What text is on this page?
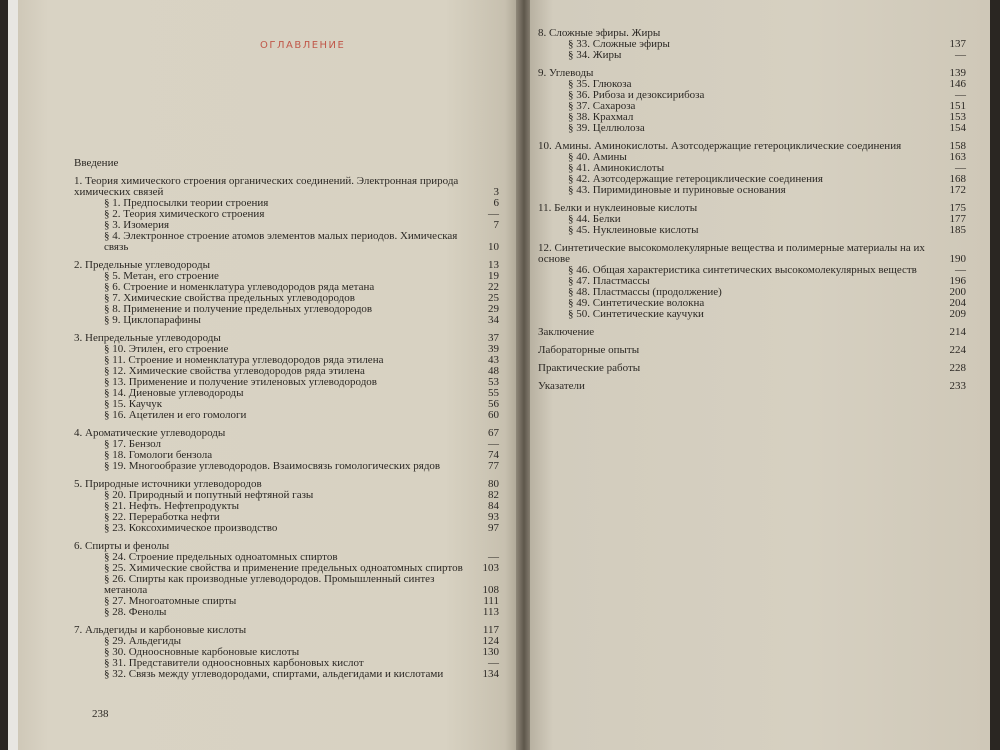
ОГЛАВЛЕНИЕ
Введение
1. Теория химического строения органических соединений. Электронная природа химических связей	3
§ 1. Предпосылки теории строения	6
§ 2. Теория химического строения	—
§ 3. Изомерия	7
§ 4. Электронное строение атомов элементов малых периодов. Химическая связь	10
2. Предельные углеводороды	13
§ 5. Метан, его строение	19
§ 6. Строение и номенклатура углеводородов ряда метана	22
§ 7. Химические свойства предельных углеводородов	25
§ 8. Применение и получение предельных углеводородов	29
§ 9. Циклопарафины	34
3. Непредельные углеводороды	37
§ 10. Этилен, его строение	39
§ 11. Строение и номенклатура углеводородов ряда этилена	43
§ 12. Химические свойства углеводородов ряда этилена	48
§ 13. Применение и получение этиленовых углеводородов	53
§ 14. Диеновые углеводороды	55
§ 15. Каучук	56
§ 16. Ацетилен и его гомологи	60
4. Ароматические углеводороды	67
§ 17. Бензол	—
§ 18. Гомологи бензола	74
§ 19. Многообразие углеводородов. Взаимосвязь гомологических рядов	77
5. Природные источники углеводородов	80
§ 20. Природный и попутный нефтяной газы	82
§ 21. Нефть. Нефтепродукты	84
§ 22. Переработка нефти	93
§ 23. Коксохимическое производство	97
6. Спирты и фенолы
§ 24. Строение предельных одноатомных спиртов	—
§ 25. Химические свойства и применение предельных одноатомных спиртов	103
§ 26. Спирты как производные углеводородов. Промышленный синтез метанола	108
§ 27. Многоатомные спирты	111
§ 28. Фенолы	113
7. Альдегиды и карбоновые кислоты	117
§ 29. Альдегиды	124
§ 30. Одноосновные карбоновые кислоты	130
§ 31. Представители одноосновных карбоновых кислот	—
§ 32. Связь между углеводородами, спиртами, альдегидами и кислотами	134
8. Сложные эфиры. Жиры
§ 33. Сложные эфиры	137
§ 34. Жиры	—
9. Углеводы	139
§ 35. Глюкоза	146
§ 36. Рибоза и дезоксирибоза	—
§ 37. Сахароза	151
§ 38. Крахмал	153
§ 39. Целлюлоза	154
10. Амины. Аминокислоты. Азотсодержащие гетероциклические соединения	158
§ 40. Амины	163
§ 41. Аминокислоты	—
§ 42. Азотсодержащие гетероциклические соединения	168
§ 43. Пиримидиновые и пуриновые основания	172
11. Белки и нуклеиновые кислоты	175
§ 44. Белки	177
§ 45. Нуклеиновые кислоты	185
12. Синтетические высокомолекулярные вещества и полимерные материалы на их основе	190
§ 46. Общая характеристика синтетических высокомолекулярных веществ	—
§ 47. Пластмассы	196
§ 48. Пластмассы (продолжение)	200
§ 49. Синтетические волокна	204
§ 50. Синтетические каучуки	209
Заключение	214
Лабораторные опыты	224
Практические работы	228
Указатели	233
238
